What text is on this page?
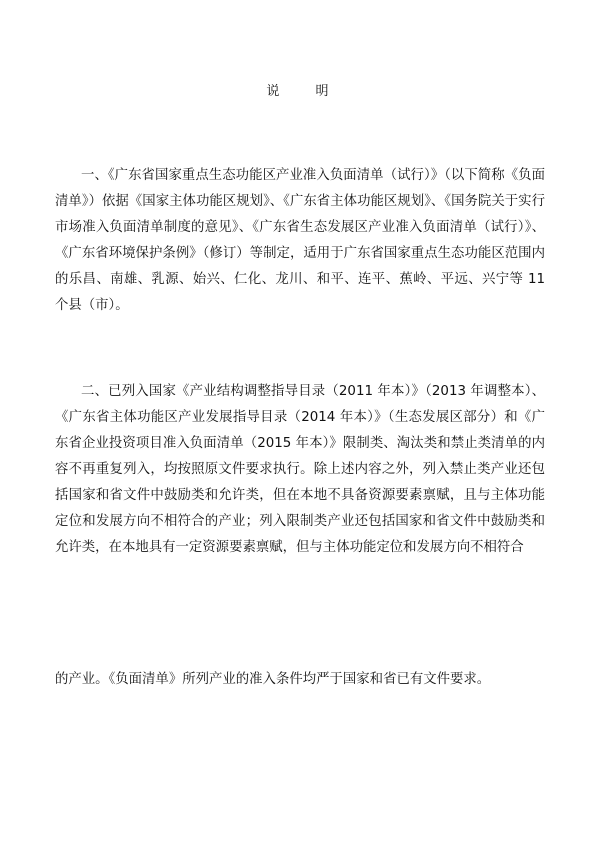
说 明

一、《广东省国家重点生态功能区产业准入负面清单（试行）》（以下简称《负面清单》）依据《国家主体功能区规划》、《广东省主体功能区规划》、《国务院关于实行市场准入负面清单制度的意见》、《广东省生态发展区产业准入负面清单（试行）》、《广东省环境保护条例》（修订）等制定，适用于广东省国家重点生态功能区范围内的乐昌、南雄、乳源、始兴、仁化、龙川、和平、连平、蕉岭、平远、兴宁等 11 个县（市）。

二、已列入国家《产业结构调整指导目录（2011 年本）》（2013 年调整本）、《广东省主体功能区产业发展指导目录（2014 年本）》（生态发展区部分）和《广东省企业投资项目准入负面清单（2015 年本）》限制类、淘汰类和禁止类清单的内容不再重复列入，均按照原文件要求执行。除上述内容之外，列入禁止类产业还包括国家和省文件中鼓励类和允许类，但在本地不具备资源要素禀赋，且与主体功能定位和发展方向不相符合的产业；列入限制类产业还包括国家和省文件中鼓励类和允许类，在本地具有一定资源要素禀赋，但与主体功能定位和发展方向不相符合

的产业。《负面清单》所列产业的准入条件均严于国家和省已有文件要求。
